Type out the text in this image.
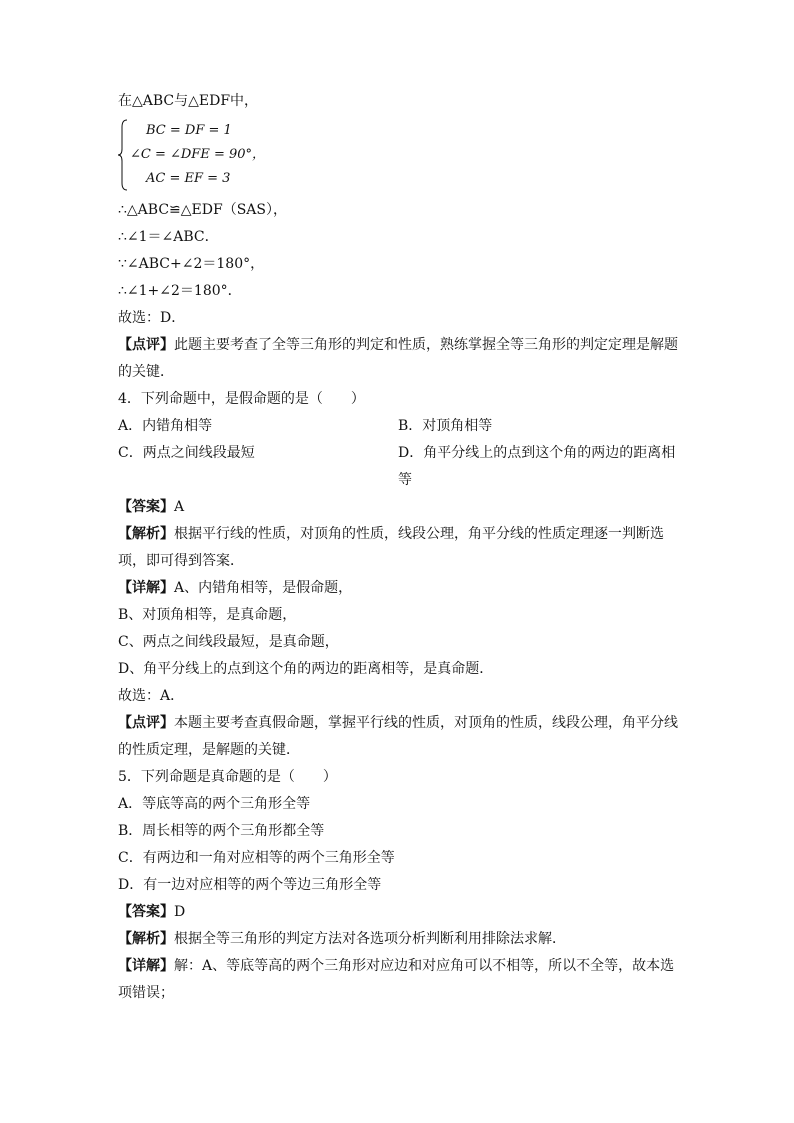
在△ABC与△EDF中，
BC = DF = 1
∠C = ∠DFE = 90°，
AC = EF = 3
∴△ABC≌△EDF（SAS），
∴∠1＝∠ABC．
∵∠ABC+∠2＝180°，
∴∠1+∠2＝180°．
故选：D．
【点评】此题主要考查了全等三角形的判定和性质，熟练掌握全等三角形的判定定理是解题的关键．
4．下列命题中，是假命题的是（　　）
A．内错角相等	B．对顶角相等
C．两点之间线段最短	D．角平分线上的点到这个角的两边的距离相等
【答案】A
【解析】根据平行线的性质，对顶角的性质，线段公理，角平分线的性质定理逐一判断选项，即可得到答案．
【详解】A、内错角相等，是假命题，
B、对顶角相等，是真命题，
C、两点之间线段最短，是真命题，
D、角平分线上的点到这个角的两边的距离相等，是真命题．
故选：A．
【点评】本题主要考查真假命题，掌握平行线的性质，对顶角的性质，线段公理，角平分线的性质定理，是解题的关键．
5．下列命题是真命题的是（　　）
A．等底等高的两个三角形全等
B．周长相等的两个三角形都全等
C．有两边和一角对应相等的两个三角形全等
D．有一边对应相等的两个等边三角形全等
【答案】D
【解析】根据全等三角形的判定方法对各选项分析判断利用排除法求解．
【详解】解：A、等底等高的两个三角形对应边和对应角可以不相等，所以不全等，故本选项错误；
